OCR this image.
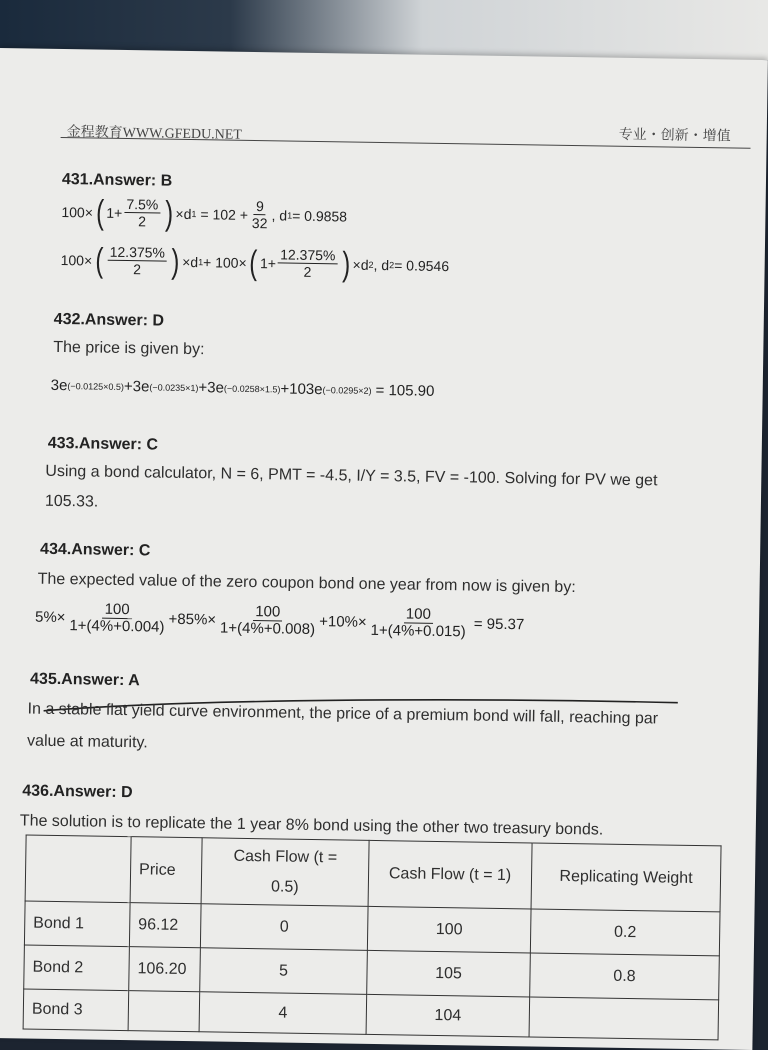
金程教育WWW.GFEDU.NET	专业・创新・增值
431.Answer: B
100× ( $1+ \frac{7.5\%}{2}$ ) ×d $1 = 102 + \frac{9}{32}$ , d 1 = 0.9858
100× ( $\frac{12.375\%}{2}$ ) ×d 1 + 100× ( $1+ \frac{12.375\%}{2}$ ) ×d 2 , d 2 = 0.9546
432.Answer: D
The price is given by:
3e (−0.0125×0.5) +3e (−0.0235×1) +3e (−0.0258×1.5) +103e (−0.0295×2) = 105.90
433.Answer: C
Using a bond calculator, N = 6, PMT = -4.5, I/Y = 3.5, FV = -100. Solving for PV we get
105.33.
434.Answer: C
The expected value of the zero coupon bond one year from now is given by:
$5\%\times \frac{100}{1+(4\%+0.004)} +85\%\times \frac{100}{1+(4\%+0.008)} +10\%\times \frac{100}{1+(4\%+0.015)} = 95.37$
435.Answer: A
In a stable flat yield curve environment, the price of a premium bond will fall, reaching par
value at maturity.
436.Answer: D
The solution is to replicate the 1 year 8% bond using the other two treasury bonds.
	Price	Cash Flow (t =
0.5)	Cash Flow (t = 1)	Replicating Weight
Bond 1	96.12	0	100	0.2
Bond 2	106.20	5	105	0.8
Bond 3		4	104	
